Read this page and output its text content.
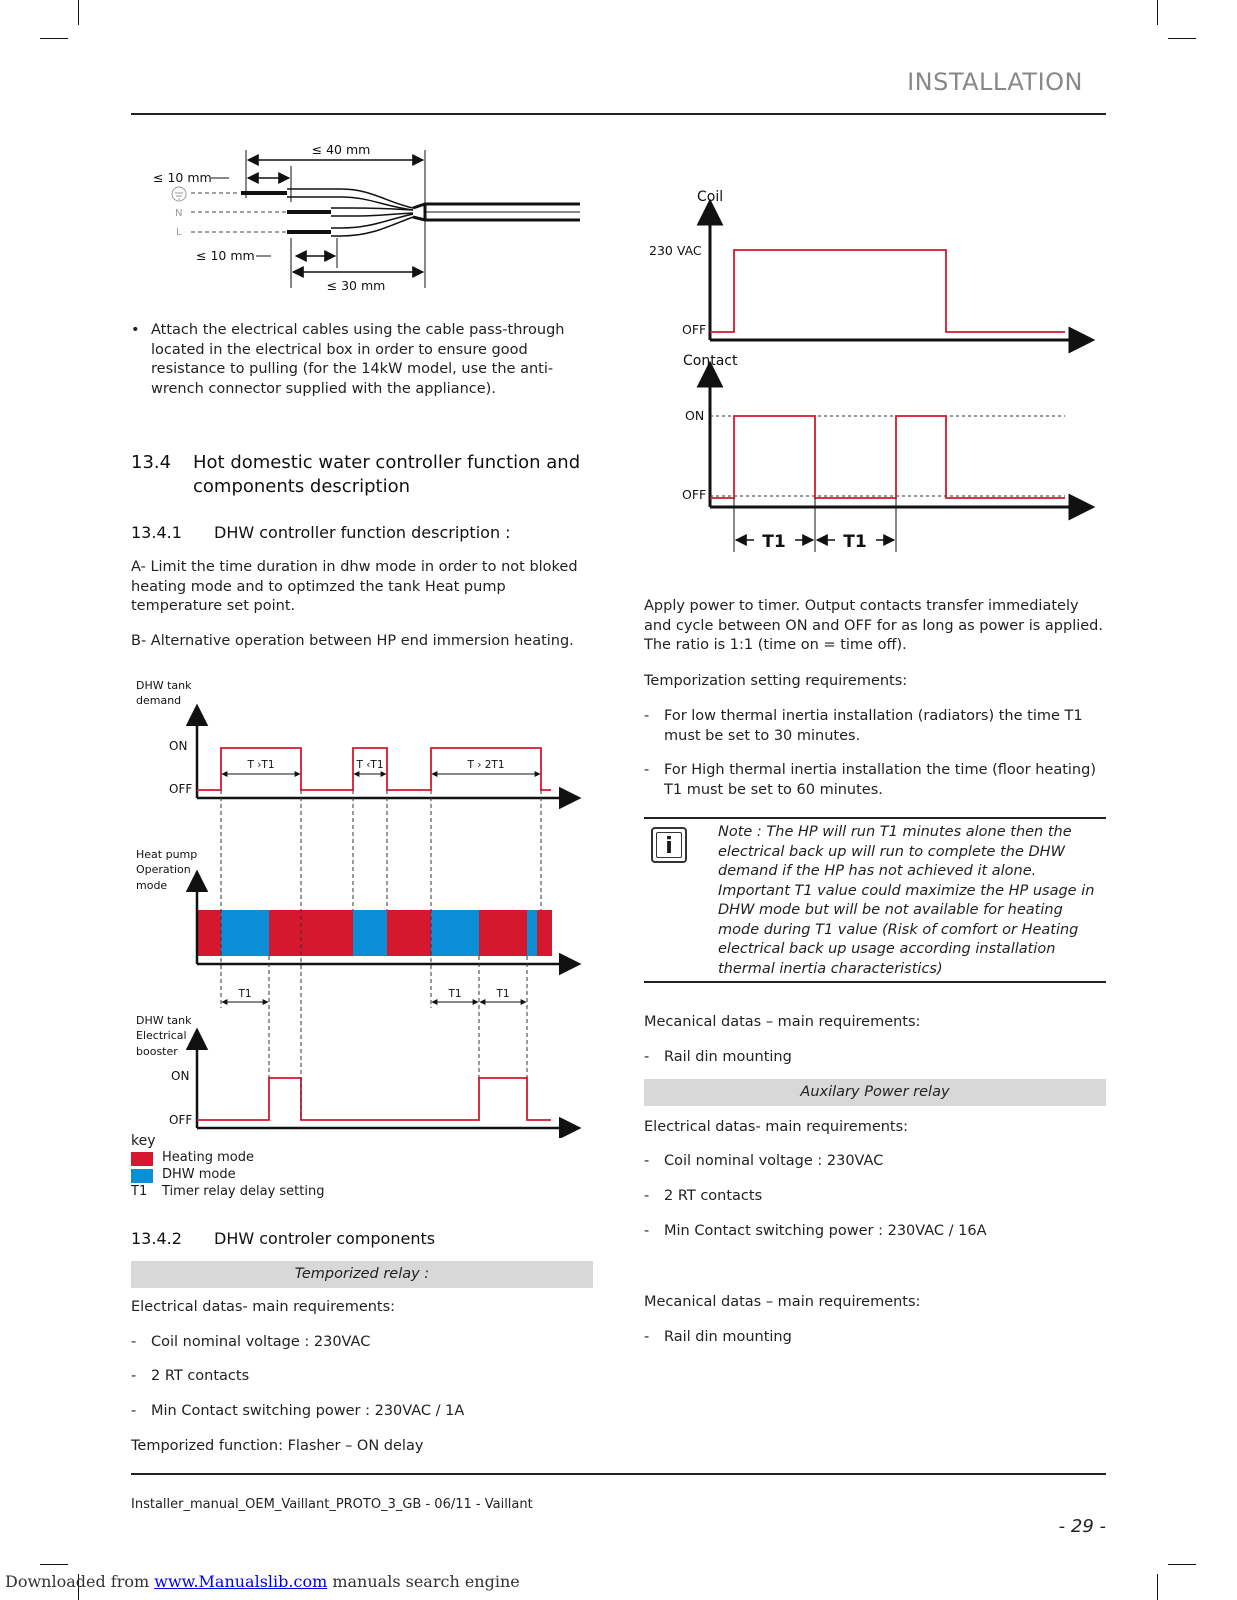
INSTALLATION
≤ 40 mm
≤ 10 mm
≤ 10 mm
≤ 30 mm
N
L
• Attach the electrical cables using the cable pass-through located in the electrical box in order to ensure good resistance to pulling (for the 14kW model, use the anti-wrench connector supplied with the appliance).
13.4 Hot domestic water controller function and components description
13.4.1 DHW controller function description :
A- Limit the time duration in dhw mode in order to not bloked heating mode and to optimzed the tank Heat pump temperature set point.
B- Alternative operation between HP end immersion heating.
DHW tank
demand
ON
OFF
T ›T1	T ‹T1	T › 2T1
Heat pump
Operation
mode
T1	T1	T1
DHW tank
Electrical
booster
ON
OFF
key
Heating mode
DHW mode
T1 Timer relay delay setting
13.4.2 DHW controler components
Temporized relay :
Electrical datas- main requirements:
- Coil nominal voltage : 230VAC
- 2 RT contacts
- Min Contact switching power : 230VAC / 1A
Temporized function: Flasher – ON delay
Coil
230 VAC
OFF
Contact
ON
OFF
T1	T1
Apply power to timer. Output contacts transfer immediately and cycle between ON and OFF for as long as power is applied. The ratio is 1:1 (time on = time off).
Temporization setting requirements:
- For low thermal inertia installation (radiators) the time T1 must be set to 30 minutes.
- For High thermal inertia installation the time (floor heating) T1 must be set to 60 minutes.
i
Note : The HP will run T1 minutes alone then the electrical back up will run to complete the DHW demand if the HP has not achieved it alone. Important T1 value could maximize the HP usage in DHW mode but will be not available for heating mode during T1 value (Risk of comfort or Heating electrical back up usage according installation thermal inertia characteristics)
Mecanical datas – main requirements:
- Rail din mounting
Auxilary Power relay
Electrical datas- main requirements:
- Coil nominal voltage : 230VAC
- 2 RT contacts
- Min Contact switching power : 230VAC / 16A
Mecanical datas – main requirements:
- Rail din mounting
Installer_manual_OEM_Vaillant_PROTO_3_GB - 06/11 - Vaillant
- 29 -
Downloaded from www.Manualslib.com manuals search engine
